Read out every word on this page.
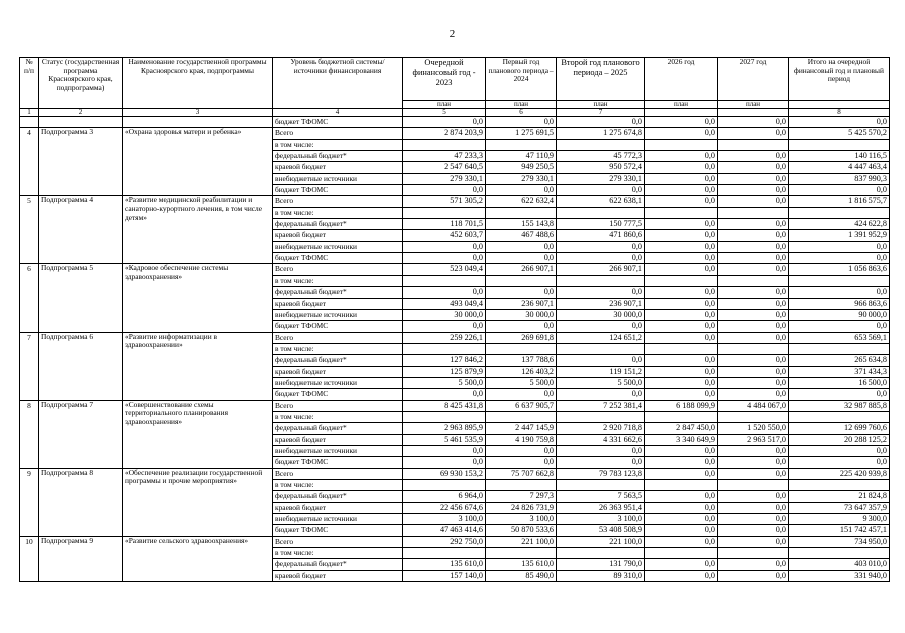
2
№ п/п	Статус (государственная программа Красноярского края, подпрограмма)	Наименование государственной программы Красноярского края, подпрограммы	Уровень бюджетной системы/источники финансирования	Очередной финансовый год - 2023	Первый год планового периода – 2024	Второй год планового периода – 2025	2026 год	2027 год	Итого на очередной финансовый год и плановый период
				план	план	план	план	план	
1	2	3	4	5	6	7			8
			бюджет ТФОМС	0,0	0,0	0,0	0,0	0,0	0,0
4	Подпрограмма 3	«Охрана здоровья матери и ребенка»	Всего	2 874 203,9	1 275 691,5	1 275 674,8	0,0	0,0	5 425 570,2
			в том числе:						
			федеральный бюджет*	47 233,3	47 110,9	45 772,3	0,0	0,0	140 116,5
			краевой бюджет	2 547 640,5	949 250,5	950 572,4	0,0	0,0	4 447 463,4
			внебюджетные источники	279 330,1	279 330,1	279 330,1	0,0	0,0	837 990,3
			бюджет ТФОМС	0,0	0,0	0,0	0,0	0,0	0,0
5	Подпрограмма 4	«Развитие медицинской реабилитации и санаторно-курортного лечения, в том числе детям»	Всего	571 305,2	622 632,4	622 638,1	0,0	0,0	1 816 575,7
			в том числе:						
			федеральный бюджет*	118 701,5	155 143,8	150 777,5	0,0	0,0	424 622,8
			краевой бюджет	452 603,7	467 488,6	471 860,6	0,0	0,0	1 391 952,9
			внебюджетные источники	0,0	0,0	0,0	0,0	0,0	0,0
			бюджет ТФОМС	0,0	0,0	0,0	0,0	0,0	0,0
6	Подпрограмма 5	«Кадровое обеспечение системы здравоохранения»	Всего	523 049,4	266 907,1	266 907,1	0,0	0,0	1 056 863,6
			в том числе:						
			федеральный бюджет*	0,0	0,0	0,0	0,0	0,0	0,0
			краевой бюджет	493 049,4	236 907,1	236 907,1	0,0	0,0	966 863,6
			внебюджетные источники	30 000,0	30 000,0	30 000,0	0,0	0,0	90 000,0
			бюджет ТФОМС	0,0	0,0	0,0	0,0	0,0	0,0
7	Подпрограмма 6	«Развитие информатизации в здравоохранении»	Всего	259 226,1	269 691,8	124 651,2	0,0	0,0	653 569,1
			в том числе:						
			федеральный бюджет*	127 846,2	137 788,6	0,0	0,0	0,0	265 634,8
			краевой бюджет	125 879,9	126 403,2	119 151,2	0,0	0,0	371 434,3
			внебюджетные источники	5 500,0	5 500,0	5 500,0	0,0	0,0	16 500,0
			бюджет ТФОМС	0,0	0,0	0,0	0,0	0,0	0,0
8	Подпрограмма 7	«Совершенствование схемы территориального планирования здравоохранения»	Всего	8 425 431,8	6 637 905,7	7 252 381,4	6 188 099,9	4 484 067,0	32 987 885,8
			в том числе:						
			федеральный бюджет*	2 963 895,9	2 447 145,9	2 920 718,8	2 847 450,0	1 520 550,0	12 699 760,6
			краевой бюджет	5 461 535,9	4 190 759,8	4 331 662,6	3 340 649,9	2 963 517,0	20 288 125,2
			внебюджетные источники	0,0	0,0	0,0	0,0	0,0	0,0
			бюджет ТФОМС	0,0	0,0	0,0	0,0	0,0	0,0
9	Подпрограмма 8	«Обеспечение реализации государственной программы и прочие мероприятия»	Всего	69 930 153,2	75 707 662,8	79 783 123,8	0,0	0,0	225 420 939,8
			в том числе:						
			федеральный бюджет*	6 964,0	7 297,3	7 563,5	0,0	0,0	21 824,8
			краевой бюджет	22 456 674,6	24 826 731,9	26 363 951,4	0,0	0,0	73 647 357,9
			внебюджетные источники	3 100,0	3 100,0	3 100,0	0,0	0,0	9 300,0
			бюджет ТФОМС	47 463 414,6	50 870 533,6	53 408 508,9	0,0	0,0	151 742 457,1
10	Подпрограмма 9	«Развитие сельского здравоохранения»	Всего	292 750,0	221 100,0	221 100,0	0,0	0,0	734 950,0
			в том числе:						
			федеральный бюджет*	135 610,0	135 610,0	131 790,0	0,0	0,0	403 010,0
			краевой бюджет	157 140,0	85 490,0	89 310,0	0,0	0,0	331 940,0
